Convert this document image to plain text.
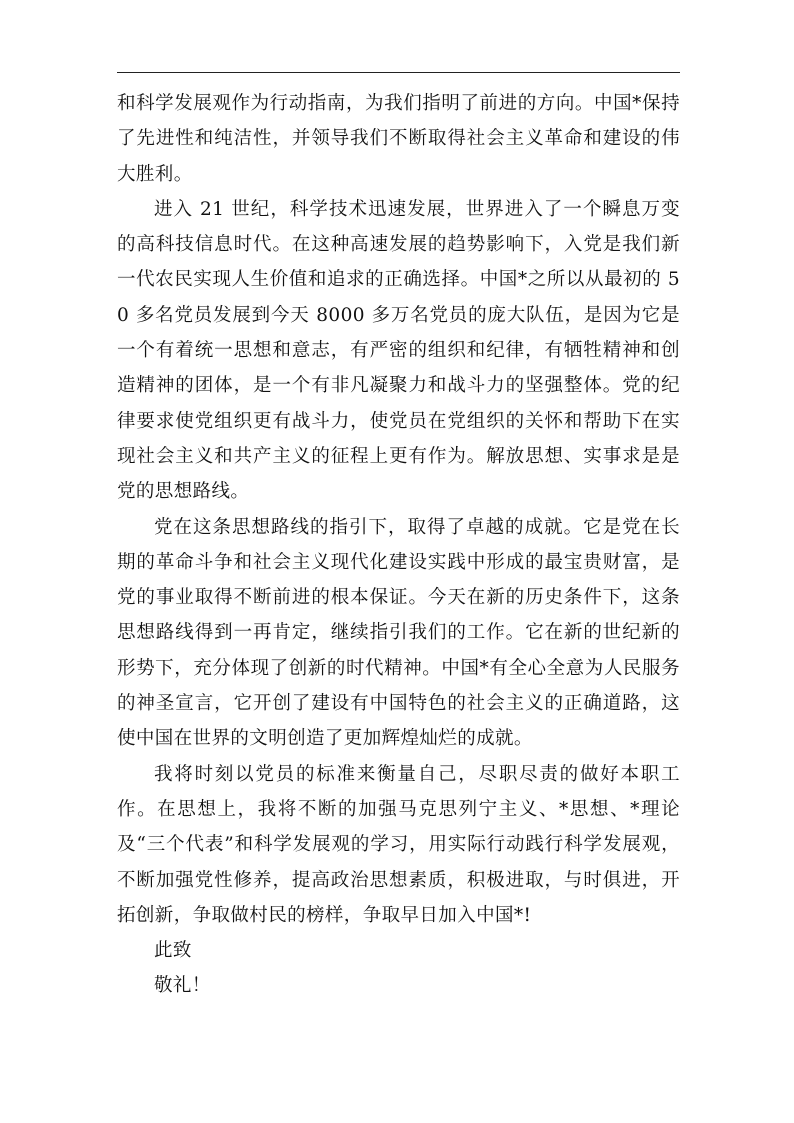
和科学发展观作为行动指南，为我们指明了前进的方向。中国*保持了先进性和纯洁性，并领导我们不断取得社会主义革命和建设的伟大胜利。

进入 21 世纪，科学技术迅速发展，世界进入了一个瞬息万变的高科技信息时代。在这种高速发展的趋势影响下，入党是我们新一代农民实现人生价值和追求的正确选择。中国*之所以从最初的 50 多名党员发展到今天 8000 多万名党员的庞大队伍，是因为它是一个有着统一思想和意志，有严密的组织和纪律，有牺牲精神和创造精神的团体，是一个有非凡凝聚力和战斗力的坚强整体。党的纪律要求使党组织更有战斗力，使党员在党组织的关怀和帮助下在实现社会主义和共产主义的征程上更有作为。解放思想、实事求是是党的思想路线。

党在这条思想路线的指引下，取得了卓越的成就。它是党在长期的革命斗争和社会主义现代化建设实践中形成的最宝贵财富，是党的事业取得不断前进的根本保证。今天在新的历史条件下，这条思想路线得到一再肯定，继续指引我们的工作。它在新的世纪新的形势下，充分体现了创新的时代精神。中国*有全心全意为人民服务的神圣宣言，它开创了建设有中国特色的社会主义的正确道路，这使中国在世界的文明创造了更加辉煌灿烂的成就。

我将时刻以党员的标准来衡量自己，尽职尽责的做好本职工作。在思想上，我将不断的加强马克思列宁主义、*思想、*理论及“三个代表”和科学发展观的学习，用实际行动践行科学发展观，不断加强党性修养，提高政治思想素质，积极进取，与时俱进，开拓创新，争取做村民的榜样，争取早日加入中国*!

此致

敬礼！
